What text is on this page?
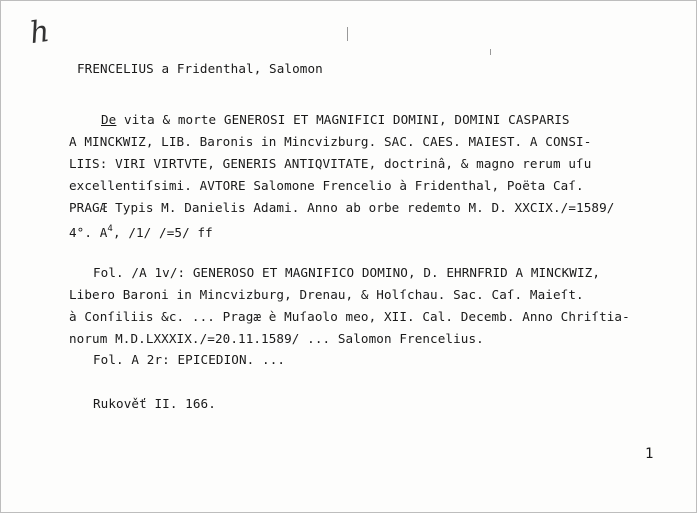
h
FRENCELIUS a Fridenthal, Salomon
De vita & morte GENEROSI ET MAGNIFICI DOMINI, DOMINI CASPARIS
A MINCKWIZ, LIB. Baronis in Mincvizburg. SAC. CAES. MAIEST. A CONSI-
LIIS: VIRI VIRTVTE, GENERIS ANTIQVITATE, doctrinâ, & magno rerum uſu
excellentiſsimi. AVTORE Salomone Frencelio à Fridenthal, Poëta Caſ.
PRAGÆ Typis M. Danielis Adami. Anno ab orbe redemto M. D. XXCIX./=1589/
4°. $A^4$, /1/ /=5/ ff
Fol. /A 1v/: GENEROSO ET MAGNIFICO DOMINO, D. EHRNFRID A MINCKWIZ,
Libero Baroni in Mincvizburg, Drenau, & Holſchau. Sac. Caſ. Maieſt.
à Conſiliis &c. ... Pragæ è Muſaolo meo, XII. Cal. Decemb. Anno Chriſtia-
norum M.D.LXXXIX./=20.11.1589/ ... Salomon Frencelius.
Fol. A 2r: EPICEDION. ...
Rukověť II. 166.
1
